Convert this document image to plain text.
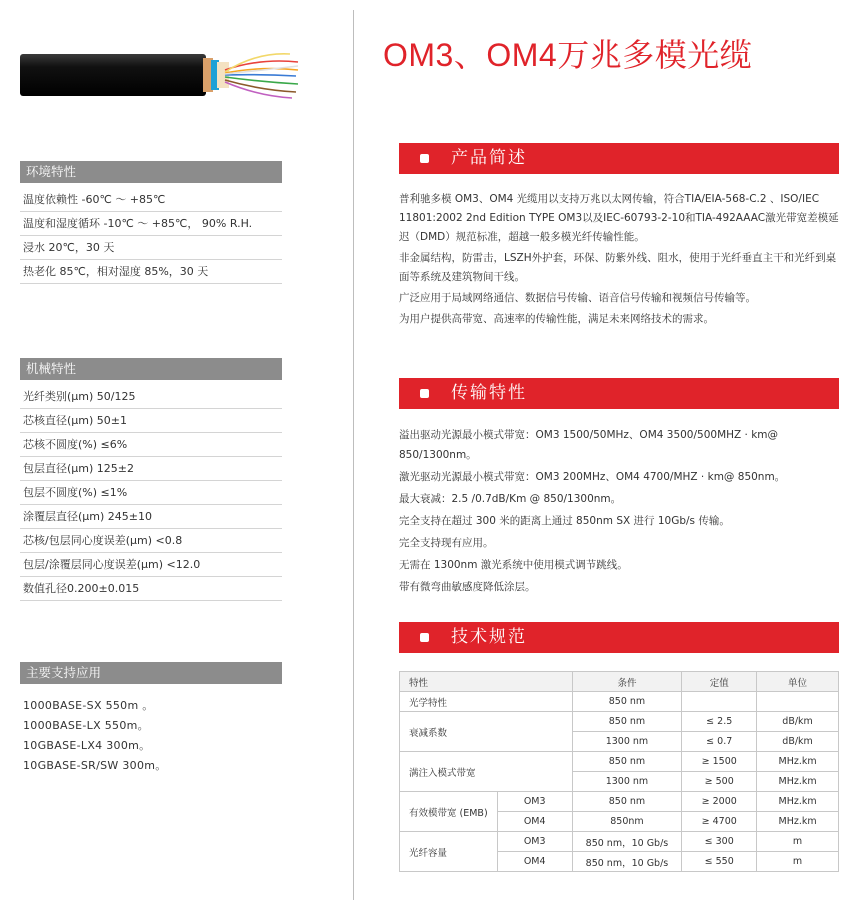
OM3、OM4万兆多模光缆
环境特性
温度依赖性 -60℃ ～ +85℃
温度和湿度循环 -10℃ ～ +85℃， 90% R.H.
浸水 20℃，30 天
热老化 85℃，相对湿度 85%，30 天
机械特性
光纤类别(μm) 50/125
芯核直径(μm) 50±1
芯核不圆度(%) ≤6%
包层直径(μm) 125±2
包层不圆度(%) ≤1%
涂覆层直径(μm) 245±10
芯核/包层同心度误差(μm) <0.8
包层/涂覆层同心度误差(μm) <12.0
数值孔径0.200±0.015
主要支持应用
1000BASE-SX 550m 。
1000BASE-LX 550m。
10GBASE-LX4 300m。
10GBASE-SR/SW 300m。
产品简述

普利驰多模 OM3、OM4 光缆用以支持万兆以太网传输，符合TIA/EIA-568-C.2 、ISO/IEC 11801:2002 2nd Edition TYPE OM3以及IEC-60793-2-10和TIA-492AAAC激光带宽差模延迟（DMD）规范标准，超越一般多模光纤传输性能。

非金属结构，防雷击，LSZH外护套，环保、防紫外线、阻水，使用于光纤垂直主干和光纤到桌面等系统及建筑物间干线。

广泛应用于局域网络通信、数据信号传输、语音信号传输和视频信号传输等。

为用户提供高带宽、高速率的传输性能，满足未来网络技术的需求。

传输特性

溢出驱动光源最小模式带宽：OM3 1500/50MHz、OM4 3500/500MHZ · km@ 850/1300nm。

激光驱动光源最小模式带宽：OM3 200MHz、OM4 4700/MHZ · km@ 850nm。

最大衰减：2.5 /0.7dB/Km @ 850/1300nm。

完全支持在超过 300 米的距离上通过 850nm SX 进行 10Gb/s 传输。

完全支持现有应用。

无需在 1300nm 激光系统中使用模式调节跳线。

带有微弯曲敏感度降低涂层。

技术规范
特性		条件	定值	单位
光学特性		850 nm		
衰减系数		850 nm	≤ 2.5	dB/km
		1300 nm	≤ 0.7	dB/km
满注入模式带宽		850 nm	≥ 1500	MHz.km
		1300 nm	≥ 500	MHz.km
有效模带宽 (EMB)	OM3	850 nm	≥ 2000	MHz.km
	OM4	850nm	≥ 4700	MHz.km
光纤容量	OM3	850 nm，10 Gb/s	≤ 300	m
	OM4	850 nm，10 Gb/s	≤ 550	m
